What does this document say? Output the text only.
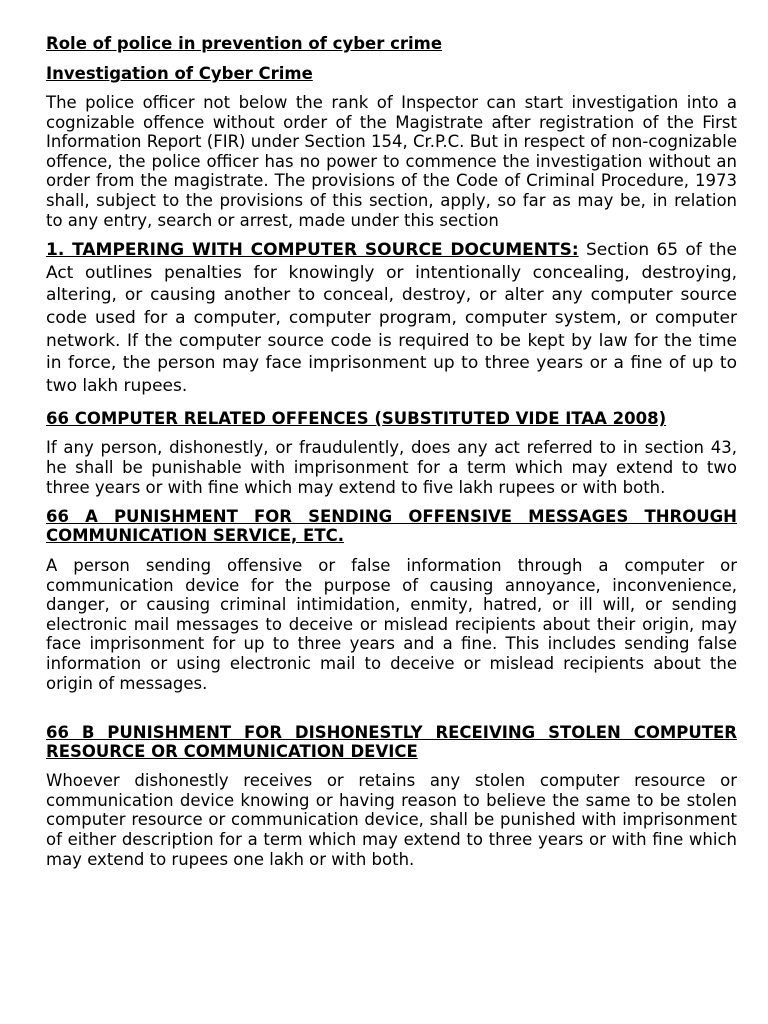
Role of police in prevention of cyber crime

Investigation of Cyber Crime

The police officer not below the rank of Inspector can start investigation into a cognizable offence without order of the Magistrate after registration of the First Information Report (FIR) under Section 154, Cr.P.C. But in respect of non-cognizable offence, the police officer has no power to commence the investigation without an order from the magistrate. The provisions of the Code of Criminal Procedure, 1973 shall, subject to the provisions of this section, apply, so far as may be, in relation to any entry, search or arrest, made under this section

1. TAMPERING WITH COMPUTER SOURCE DOCUMENTS: Section 65 of the Act outlines penalties for knowingly or intentionally concealing, destroying, altering, or causing another to conceal, destroy, or alter any computer source code used for a computer, computer program, computer system, or computer network. If the computer source code is required to be kept by law for the time in force, the person may face imprisonment up to three years or a fine of up to two lakh rupees.

66 COMPUTER RELATED OFFENCES (SUBSTITUTED VIDE ITAA 2008)

If any person, dishonestly, or fraudulently, does any act referred to in section 43, he shall be punishable with imprisonment for a term which may extend to two three years or with fine which may extend to five lakh rupees or with both.

66 A PUNISHMENT FOR SENDING OFFENSIVE MESSAGES THROUGH COMMUNICATION SERVICE, ETC.

A person sending offensive or false information through a computer or communication device for the purpose of causing annoyance, inconvenience, danger, or causing criminal intimidation, enmity, hatred, or ill will, or sending electronic mail messages to deceive or mislead recipients about their origin, may face imprisonment for up to three years and a fine. This includes sending false information or using electronic mail to deceive or mislead recipients about the origin of messages.

66 B PUNISHMENT FOR DISHONESTLY RECEIVING STOLEN COMPUTER RESOURCE OR COMMUNICATION DEVICE

Whoever dishonestly receives or retains any stolen computer resource or communication device knowing or having reason to believe the same to be stolen computer resource or communication device, shall be punished with imprisonment of either description for a term which may extend to three years or with fine which may extend to rupees one lakh or with both.
